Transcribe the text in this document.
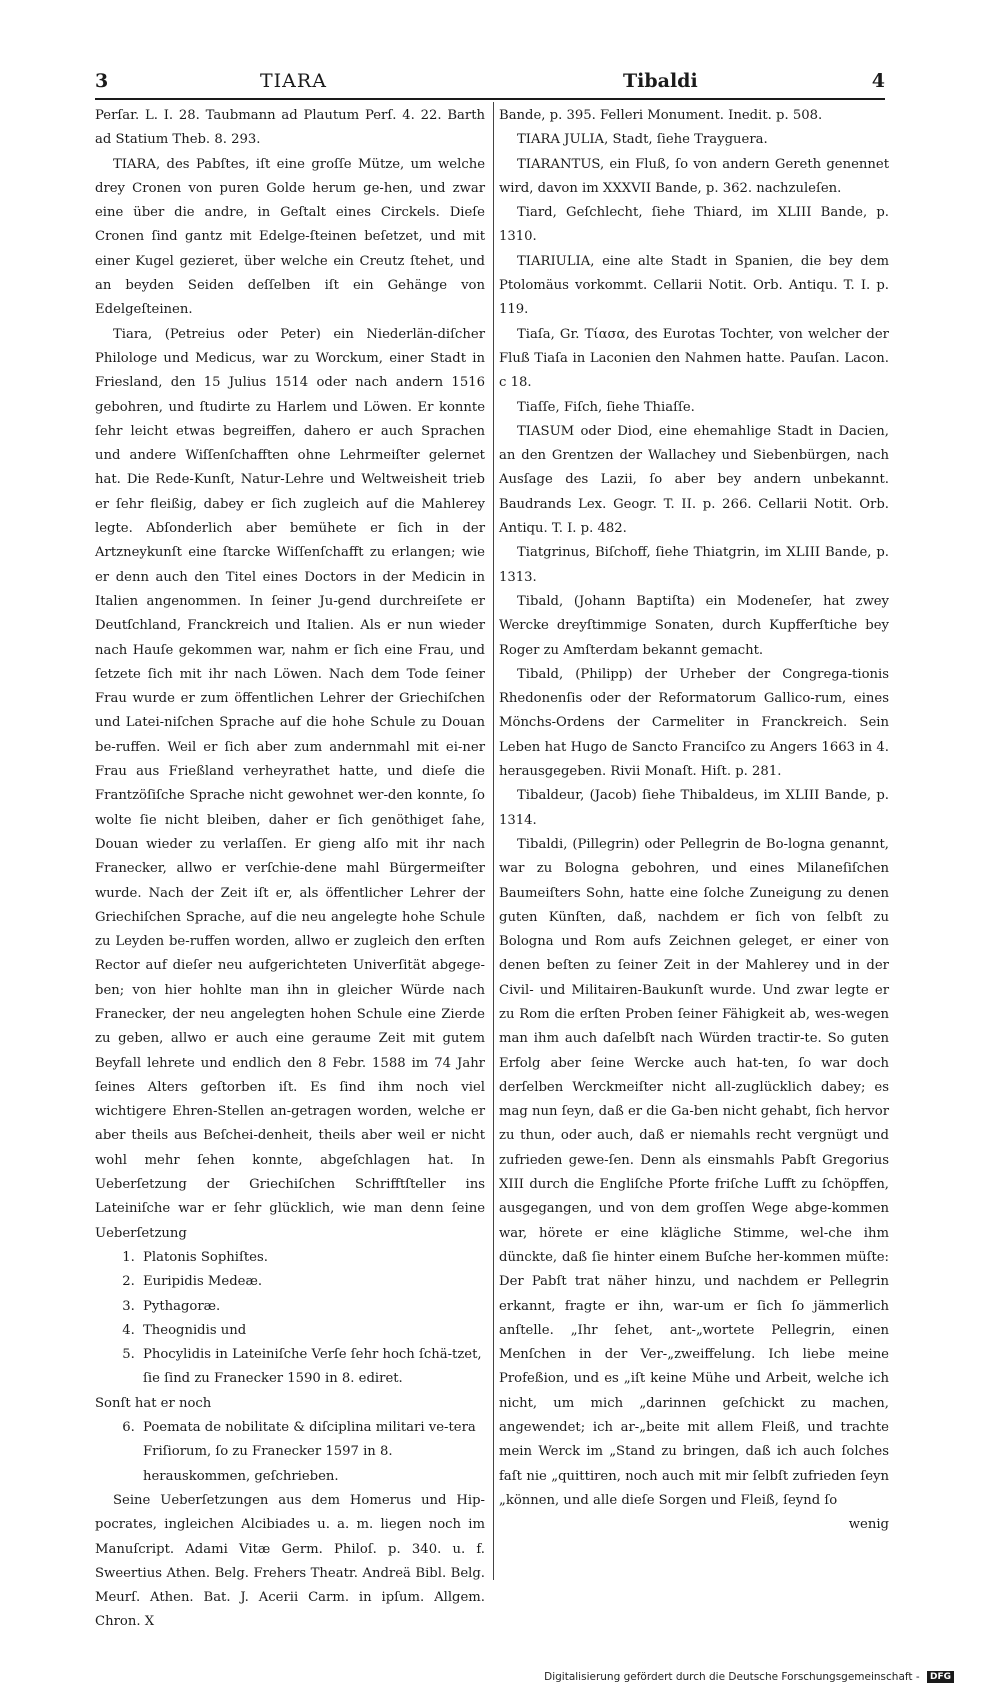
3	TIARA	Tibaldi	4

Perſar. L. I. 28. Taubmann ad Plautum Perſ. 4. 22. Barth ad Statium Theb. 8. 293.

TIARA, des Pabſtes, iſt eine groſſe Mütze, um welche drey Cronen von puren Golde herum ge-hen, und zwar eine über die andre, in Geſtalt eines Circkels. Dieſe Cronen ſind gantz mit Edelge-ſteinen beſetzet, und mit einer Kugel gezieret, über welche ein Creutz ſtehet, und an beyden Seiden deſſelben iſt ein Gehänge von Edelgeſteinen.

Tiara, (Petreius oder Peter) ein Niederlän-diſcher Philologe und Medicus, war zu Worckum, einer Stadt in Friesland, den 15 Julius 1514 oder nach andern 1516 gebohren, und ſtudirte zu Harlem und Löwen. Er konnte ſehr leicht etwas begreiffen, dahero er auch Sprachen und andere Wiſſenſchafften ohne Lehrmeiſter gelernet hat. Die Rede-Kunſt, Natur-Lehre und Weltweisheit trieb er ſehr fleißig, dabey er ſich zugleich auf die Mahlerey legte. Abſonderlich aber bemühete er ſich in der Artzneykunſt eine ſtarcke Wiſſenſchafft zu erlangen; wie er denn auch den Titel eines Doctors in der Medicin in Italien angenommen. In ſeiner Ju-gend durchreiſete er Deutſchland, Franckreich und Italien. Als er nun wieder nach Hauſe gekommen war, nahm er ſich eine Frau, und ſetzete ſich mit ihr nach Löwen. Nach dem Tode ſeiner Frau wurde er zum öffentlichen Lehrer der Griechiſchen und Latei-niſchen Sprache auf die hohe Schule zu Douan be-ruffen. Weil er ſich aber zum andernmahl mit ei-ner Frau aus Frießland verheyrathet hatte, und dieſe die Frantzöſiſche Sprache nicht gewohnet wer-den konnte, ſo wolte ſie nicht bleiben, daher er ſich genöthiget ſahe, Douan wieder zu verlaſſen. Er gieng alſo mit ihr nach Franecker, allwo er verſchie-dene mahl Bürgermeiſter wurde. Nach der Zeit iſt er, als öffentlicher Lehrer der Griechiſchen Sprache, auf die neu angelegte hohe Schule zu Leyden be-ruffen worden, allwo er zugleich den erſten Rector auf dieſer neu aufgerichteten Univerſität abgege-ben; von hier hohlte man ihn in gleicher Würde nach Franecker, der neu angelegten hohen Schule eine Zierde zu geben, allwo er auch eine geraume Zeit mit gutem Beyfall lehrete und endlich den 8 Febr. 1588 im 74 Jahr ſeines Alters geſtorben iſt. Es ſind ihm noch viel wichtigere Ehren-Stellen an-getragen worden, welche er aber theils aus Beſchei-denheit, theils aber weil er nicht wohl mehr ſehen konnte, abgeſchlagen hat. In Ueberſetzung der Griechiſchen Schrifftſteller ins Lateiniſche war er ſehr glücklich, wie man denn ſeine Ueberſetzung

1. Platonis Sophiſtes.
2. Euripidis Medeæ.
3. Pythagoræ.
4. Theognidis und
5. Phocylidis in Lateiniſche Verſe ſehr hoch ſchä-tzet, ſie ſind zu Franecker 1590 in 8. ediret.

Sonſt hat er noch

6. Poemata de nobilitate & diſciplina militari ve-tera Friſiorum, ſo zu Franecker 1597 in 8. herauskommen, geſchrieben.

Seine Ueberſetzungen aus dem Homerus und Hip-pocrates, ingleichen Alcibiades u. a. m. liegen noch im Manuſcript. Adami Vitæ Germ. Philoſ. p. 340. u. f. Sweertius Athen. Belg. Frehers Theatr. Andreä Bibl. Belg. Meurſ. Athen. Bat. J. Acerii Carm. in ipſum. Allgem. Chron. X

Bande, p. 395. Felleri Monument. Inedit. p. 508.

TIARA JULIA, Stadt, ſiehe Trayguera.

TIARANTUS, ein Fluß, ſo von andern Gereth genennet wird, davon im XXXVII Bande, p. 362. nachzuleſen.

Tiard, Geſchlecht, ſiehe Thiard, im XLIII Bande, p. 1310.

TIARIULIA, eine alte Stadt in Spanien, die bey dem Ptolomäus vorkommt. Cellarii Notit. Orb. Antiqu. T. I. p. 119.

Tiaſa, Gr. Τίασα, des Eurotas Tochter, von welcher der Fluß Tiaſa in Laconien den Nahmen hatte. Pauſan. Lacon. c 18.

Tiaſſe, Fiſch, ſiehe Thiaſſe.

TIASUM oder Diod, eine ehemahlige Stadt in Dacien, an den Grentzen der Wallachey und Siebenbürgen, nach Ausſage des Lazii, ſo aber bey andern unbekannt. Baudrands Lex. Geogr. T. II. p. 266. Cellarii Notit. Orb. Antiqu. T. I. p. 482.

Tiatgrinus, Biſchoff, ſiehe Thiatgrin, im XLIII Bande, p. 1313.

Tibald, (Johann Baptiſta) ein Modeneſer, hat zwey Wercke dreyſtimmige Sonaten, durch Kupfferſtiche bey Roger zu Amſterdam bekannt gemacht.

Tibald, (Philipp) der Urheber der Congrega-tionis Rhedonenſis oder der Reformatorum Gallico-rum, eines Mönchs-Ordens der Carmeliter in Franckreich. Sein Leben hat Hugo de Sancto Franciſco zu Angers 1663 in 4. herausgegeben. Rivii Monaſt. Hiſt. p. 281.

Tibaldeur, (Jacob) ſiehe Thibaldeus, im XLIII Bande, p. 1314.

Tibaldi, (Pillegrin) oder Pellegrin de Bo-logna genannt, war zu Bologna gebohren, und eines Milaneſiſchen Baumeiſters Sohn, hatte eine ſolche Zuneigung zu denen guten Künſten, daß, nachdem er ſich von ſelbſt zu Bologna und Rom aufs Zeichnen geleget, er einer von denen beſten zu ſeiner Zeit in der Mahlerey und in der Civil- und Militairen-Baukunſt wurde. Und zwar legte er zu Rom die erſten Proben ſeiner Fähigkeit ab, wes-wegen man ihm auch daſelbſt nach Würden tractir-te. So guten Erfolg aber ſeine Wercke auch hat-ten, ſo war doch derſelben Werckmeiſter nicht all-zuglücklich dabey; es mag nun ſeyn, daß er die Ga-ben nicht gehabt, ſich hervor zu thun, oder auch, daß er niemahls recht vergnügt und zufrieden gewe-ſen. Denn als einsmahls Pabſt Gregorius XIII durch die Engliſche Pforte friſche Lufft zu ſchöpffen, ausgegangen, und von dem groſſen Wege abge-kommen war, hörete er eine klägliche Stimme, wel-che ihm dünckte, daß ſie hinter einem Buſche her-kommen müſte: Der Pabſt trat näher hinzu, und nachdem er Pellegrin erkannt, fragte er ihn, war-um er ſich ſo jämmerlich anſtelle. „Ihr ſehet, ant-„wortete Pellegrin, einen Menſchen in der Ver-„zweiffelung. Ich liebe meine Profeßion, und es „iſt keine Mühe und Arbeit, welche ich nicht, um mich „darinnen geſchickt zu machen, angewendet; ich ar-„beite mit allem Fleiß, und trachte mein Werck im „Stand zu bringen, daß ich auch ſolches faſt nie „quittiren, noch auch mit mir ſelbſt zufrieden ſeyn „können, und alle dieſe Sorgen und Fleiß, ſeynd ſo

wenig

Digitalisierung gefördert durch die Deutsche Forschungsgemeinschaft - DFG
